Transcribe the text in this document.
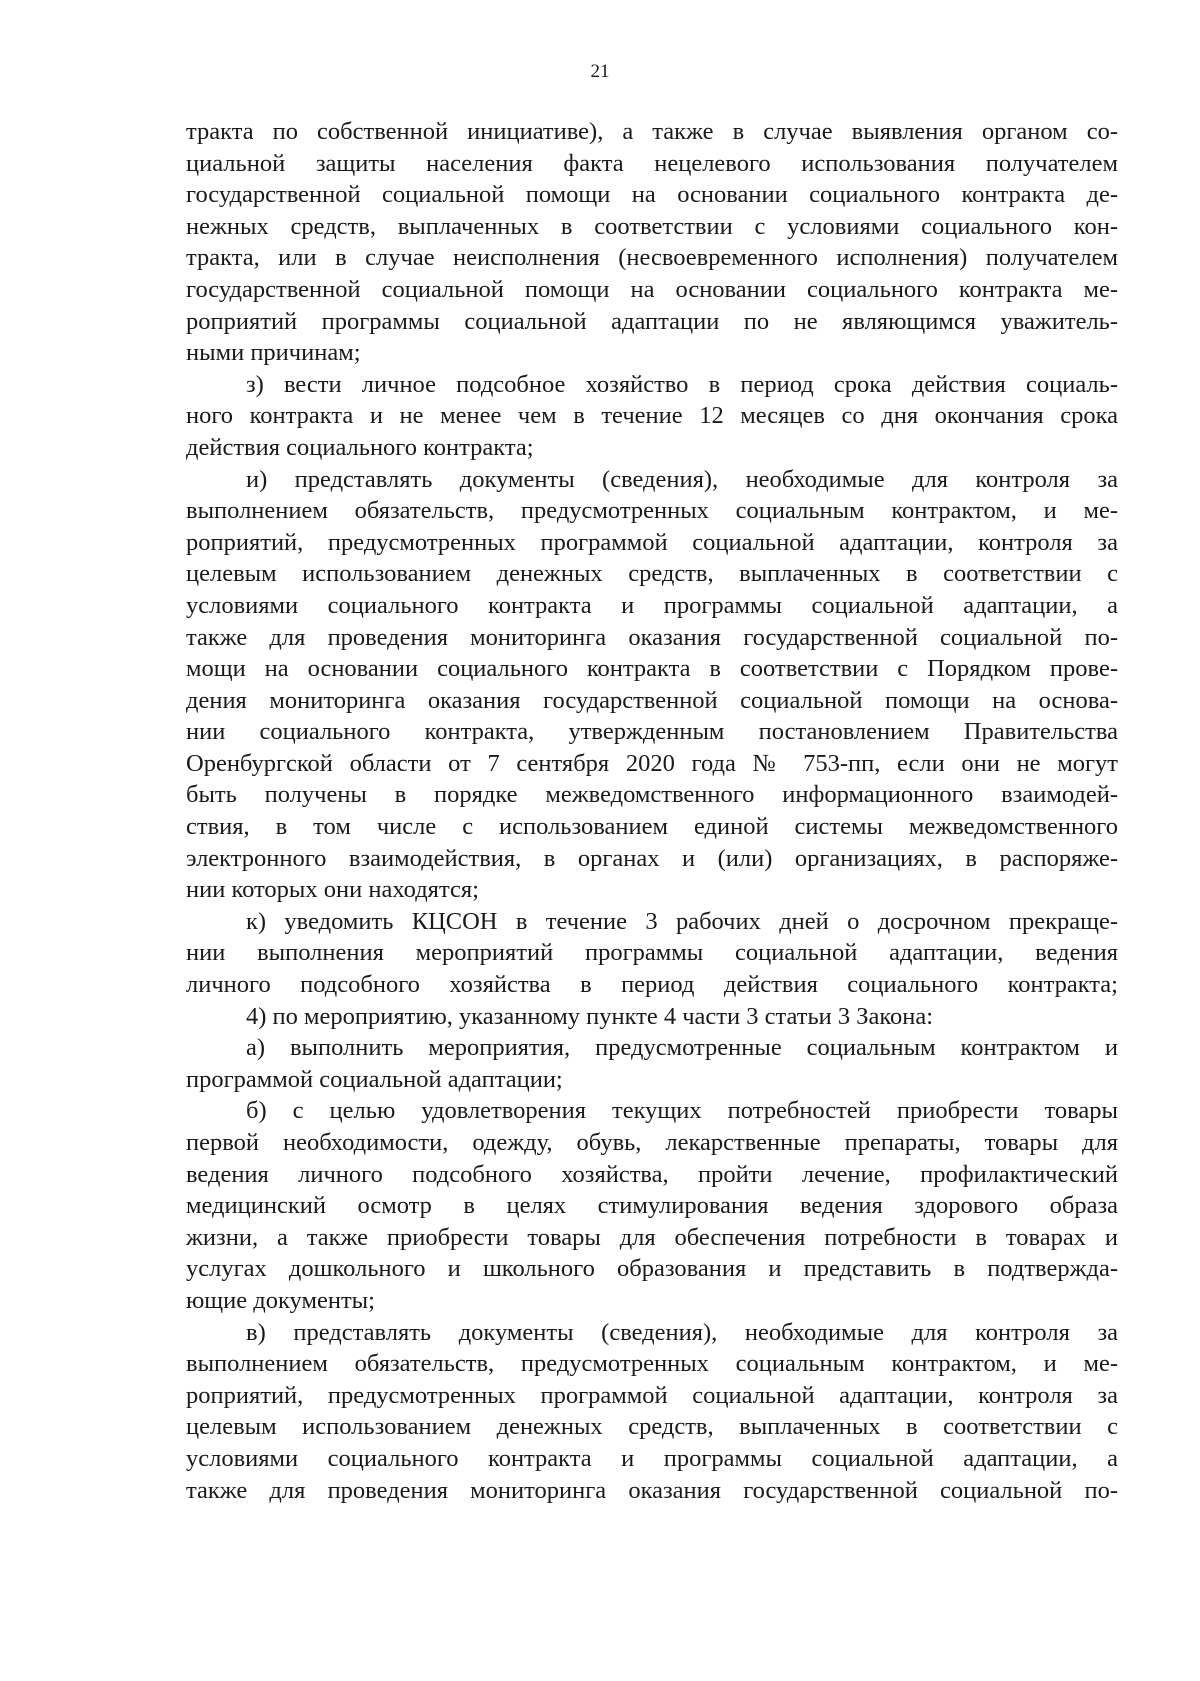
21
тракта по собственной инициативе), а также в случае выявления органом со-
циальной защиты населения факта нецелевого использования получателем
государственной социальной помощи на основании социального контракта де-
нежных средств, выплаченных в соответствии с условиями социального кон-
тракта, или в случае неисполнения (несвоевременного исполнения) получателем
государственной социальной помощи на основании социального контракта ме-
роприятий программы социальной адаптации по не являющимся уважитель-
ными причинам;
з) вести личное подсобное хозяйство в период срока действия социаль-
ного контракта и не менее чем в течение 12 месяцев со дня окончания срока
действия социального контракта;
и) представлять документы (сведения), необходимые для контроля за
выполнением обязательств, предусмотренных социальным контрактом, и ме-
роприятий, предусмотренных программой социальной адаптации, контроля за
целевым использованием денежных средств, выплаченных в соответствии с
условиями социального контракта и программы социальной адаптации, а
также для проведения мониторинга оказания государственной социальной по-
мощи на основании социального контракта в соответствии с Порядком прове-
дения мониторинга оказания государственной социальной помощи на основа-
нии социального контракта, утвержденным постановлением Правительства
Оренбургской области от 7 сентября 2020 года № 753-пп, если они не могут
быть получены в порядке межведомственного информационного взаимодей-
ствия, в том числе с использованием единой системы межведомственного
электронного взаимодействия, в органах и (или) организациях, в распоряже-
нии которых они находятся;
к) уведомить КЦСОН в течение 3 рабочих дней о досрочном прекраще-
нии выполнения мероприятий программы социальной адаптации, ведения
личного подсобного хозяйства в период действия социального контракта;
4) по мероприятию, указанному пункте 4 части 3 статьи 3 Закона:
а) выполнить мероприятия, предусмотренные социальным контрактом и
программой социальной адаптации;
б) с целью удовлетворения текущих потребностей приобрести товары
первой необходимости, одежду, обувь, лекарственные препараты, товары для
ведения личного подсобного хозяйства, пройти лечение, профилактический
медицинский осмотр в целях стимулирования ведения здорового образа
жизни, а также приобрести товары для обеспечения потребности в товарах и
услугах дошкольного и школьного образования и представить в подтвержда-
ющие документы;
в) представлять документы (сведения), необходимые для контроля за
выполнением обязательств, предусмотренных социальным контрактом, и ме-
роприятий, предусмотренных программой социальной адаптации, контроля за
целевым использованием денежных средств, выплаченных в соответствии с
условиями социального контракта и программы социальной адаптации, а
также для проведения мониторинга оказания государственной социальной по-
